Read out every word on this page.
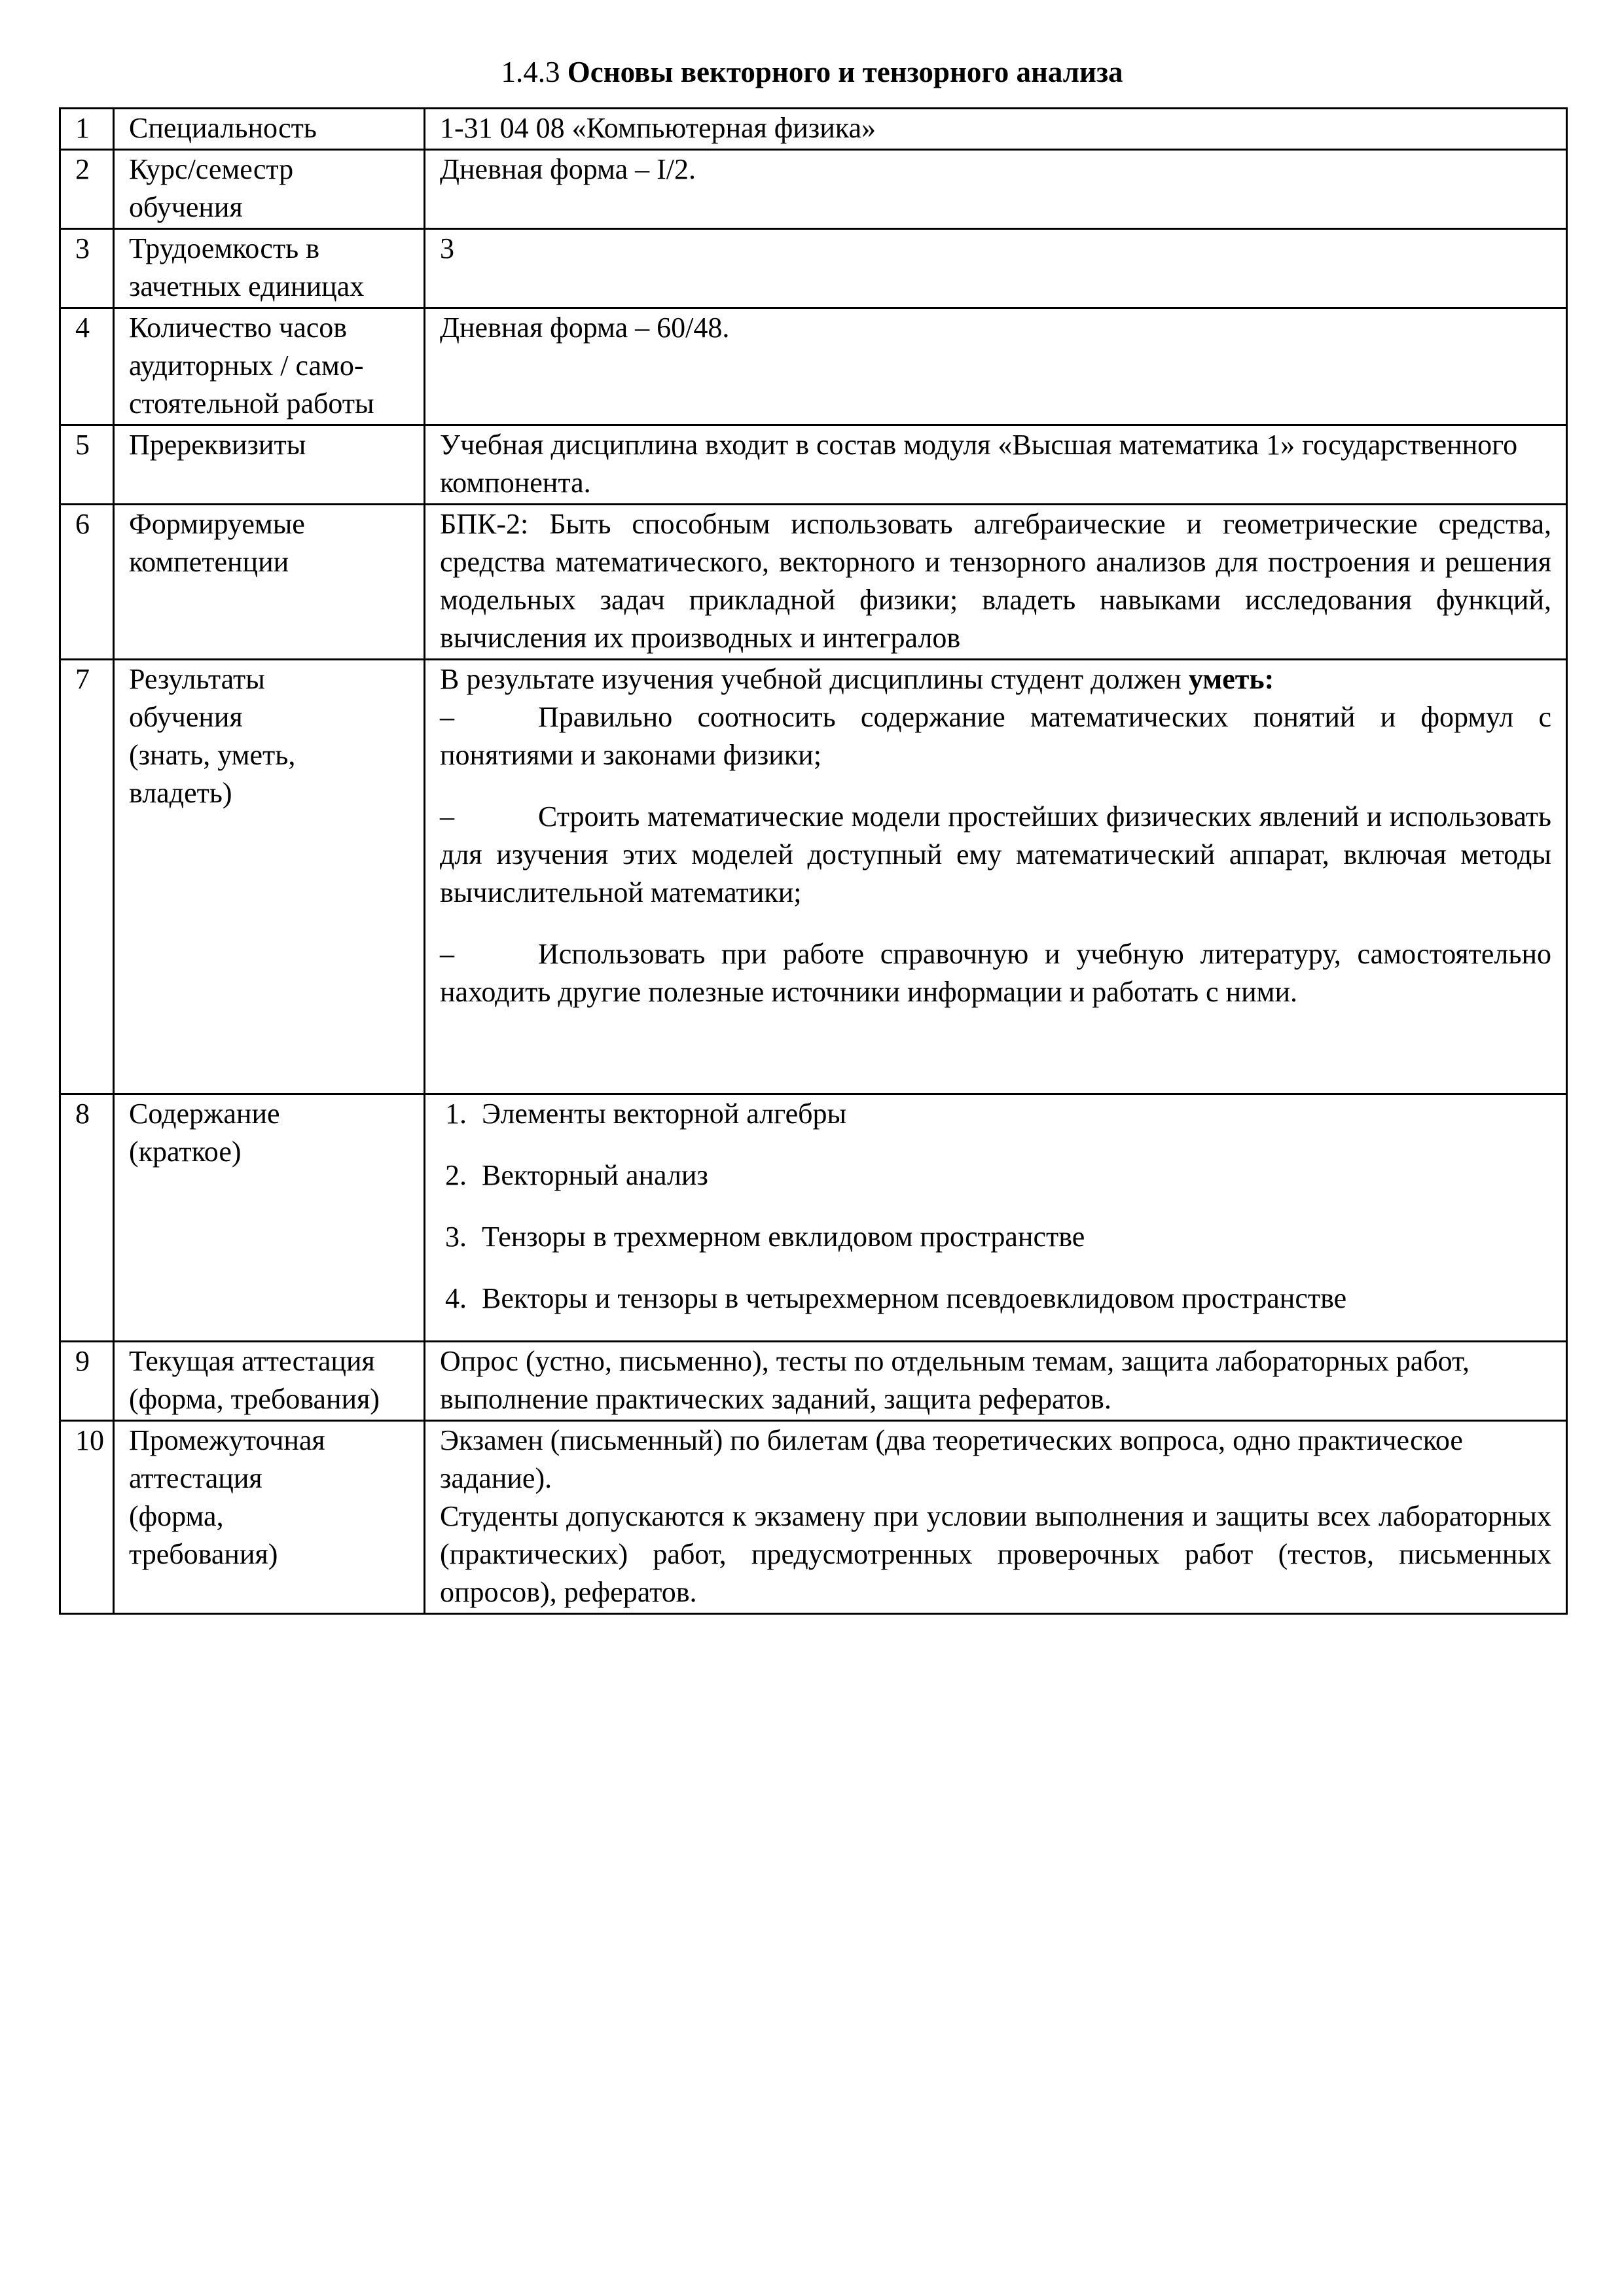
1.4.3 Основы векторного и тензорного анализа
1	Специальность	1-31 04 08 «Компьютерная физика»
2	Курс/семестр обучения	Дневная форма – I/2.
3	Трудоемкость в зачетных единицах	3
4	Количество часов аудиторных / само-стоятельной работы	Дневная форма – 60/48.
5	Пререквизиты	Учебная дисциплина входит в состав модуля «Высшая математика 1» государственного компонента.
6	Формируемые компетенции	БПК-2: Быть способным использовать алгебраические и геометрические средства, средства математического, векторного и тензорного анализов для построения и решения модельных задач прикладной физики; владеть навыками исследования функций, вычисления их производных и интегралов
7	Результаты обучения (знать, уметь, владеть)	В результате изучения учебной дисциплины студент должен уметь:
– Правильно соотносить содержание математических понятий и формул с понятиями и законами физики;
– Строить математические модели простейших физических явлений и использовать для изучения этих моделей доступный ему математический аппарат, включая методы вычислительной математики;
– Использовать при работе справочную и учебную литературу, самостоятельно находить другие полезные источники информации и работать с ними.

8	Содержание (краткое)	1. Элементы векторной алгебры
2. Векторный анализ
3. Тензоры в трехмерном евклидовом пространстве
4. Векторы и тензоры в четырехмерном псевдоевклидовом пространстве

9	Текущая аттестация (форма, требования)	Опрос (устно, письменно), тесты по отдельным темам, защита лабораторных работ, выполнение практических заданий, защита рефератов.
10	Промежуточная аттестация (форма, требования)	Экзамен (письменный) по билетам (два теоретических вопроса, одно практическое задание).
Студенты допускаются к экзамену при условии выполнения и защиты всех лабораторных (практических) работ, предусмотренных проверочных работ (тестов, письменных опросов), рефератов.
